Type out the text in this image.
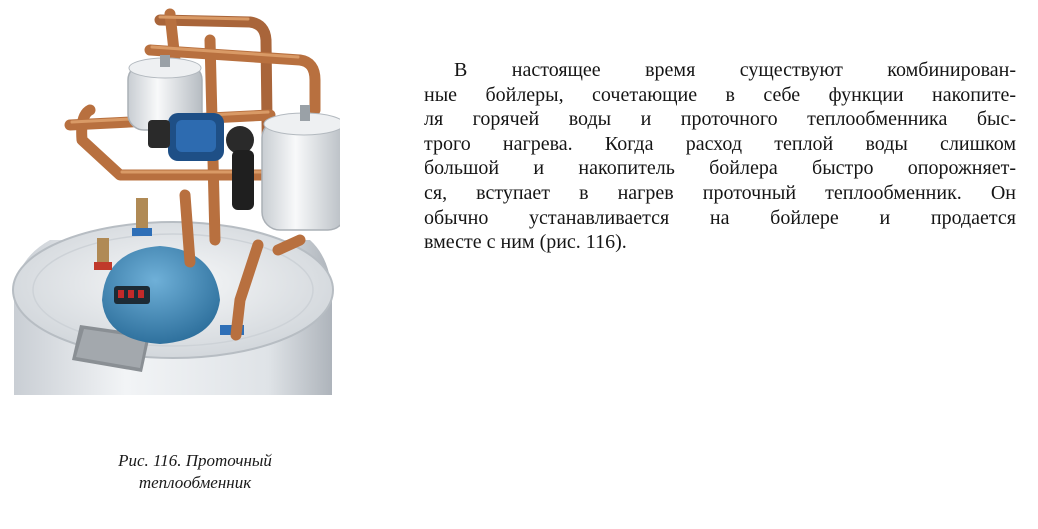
Рис. 116. Проточный
теплообменник
В настоящее время существуют комбинирован-
ные бойлеры, сочетающие в себе функции накопите-
ля горячей воды и проточного теплообменника быс-
трого нагрева. Когда расход теплой воды слишком
большой и накопитель бойлера быстро опорожняет-
ся, вступает в нагрев проточный теплообменник. Он
обычно устанавливается на бойлере и продается
вместе с ним (рис. 116).
